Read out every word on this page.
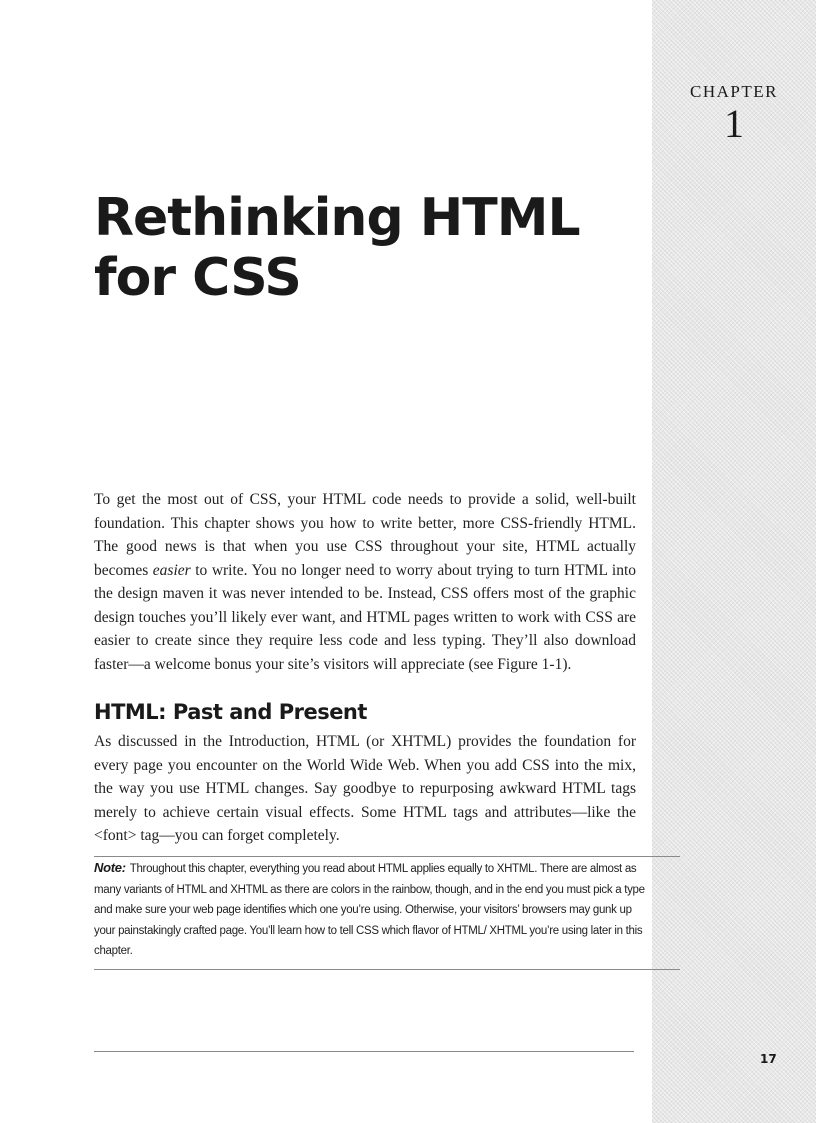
CHAPTER
1
Rethinking HTML
for CSS

To get the most out of CSS, your HTML code needs to provide a solid, well-built foundation. This chapter shows you how to write better, more CSS-friendly HTML. The good news is that when you use CSS throughout your site, HTML actually becomes easier to write. You no longer need to worry about trying to turn HTML into the design maven it was never intended to be. Instead, CSS offers most of the graphic design touches you’ll likely ever want, and HTML pages written to work with CSS are easier to create since they require less code and less typing. They’ll also download faster—a welcome bonus your site’s visitors will appreciate (see Figure 1-1).

HTML: Past and Present

As discussed in the Introduction, HTML (or XHTML) provides the foundation for every page you encounter on the World Wide Web. When you add CSS into the mix, the way you use HTML changes. Say goodbye to repurposing awkward HTML tags merely to achieve certain visual effects. Some HTML tags and attributes—like the <font> tag—you can forget completely.

Note: Throughout this chapter, everything you read about HTML applies equally to XHTML. There are almost as many variants of HTML and XHTML as there are colors in the rainbow, though, and in the end you must pick a type and make sure your web page identifies which one you’re using. Otherwise, your visitors’ browsers may gunk up your painstakingly crafted page. You’ll learn how to tell CSS which flavor of HTML/ XHTML you’re using later in this chapter.

17
